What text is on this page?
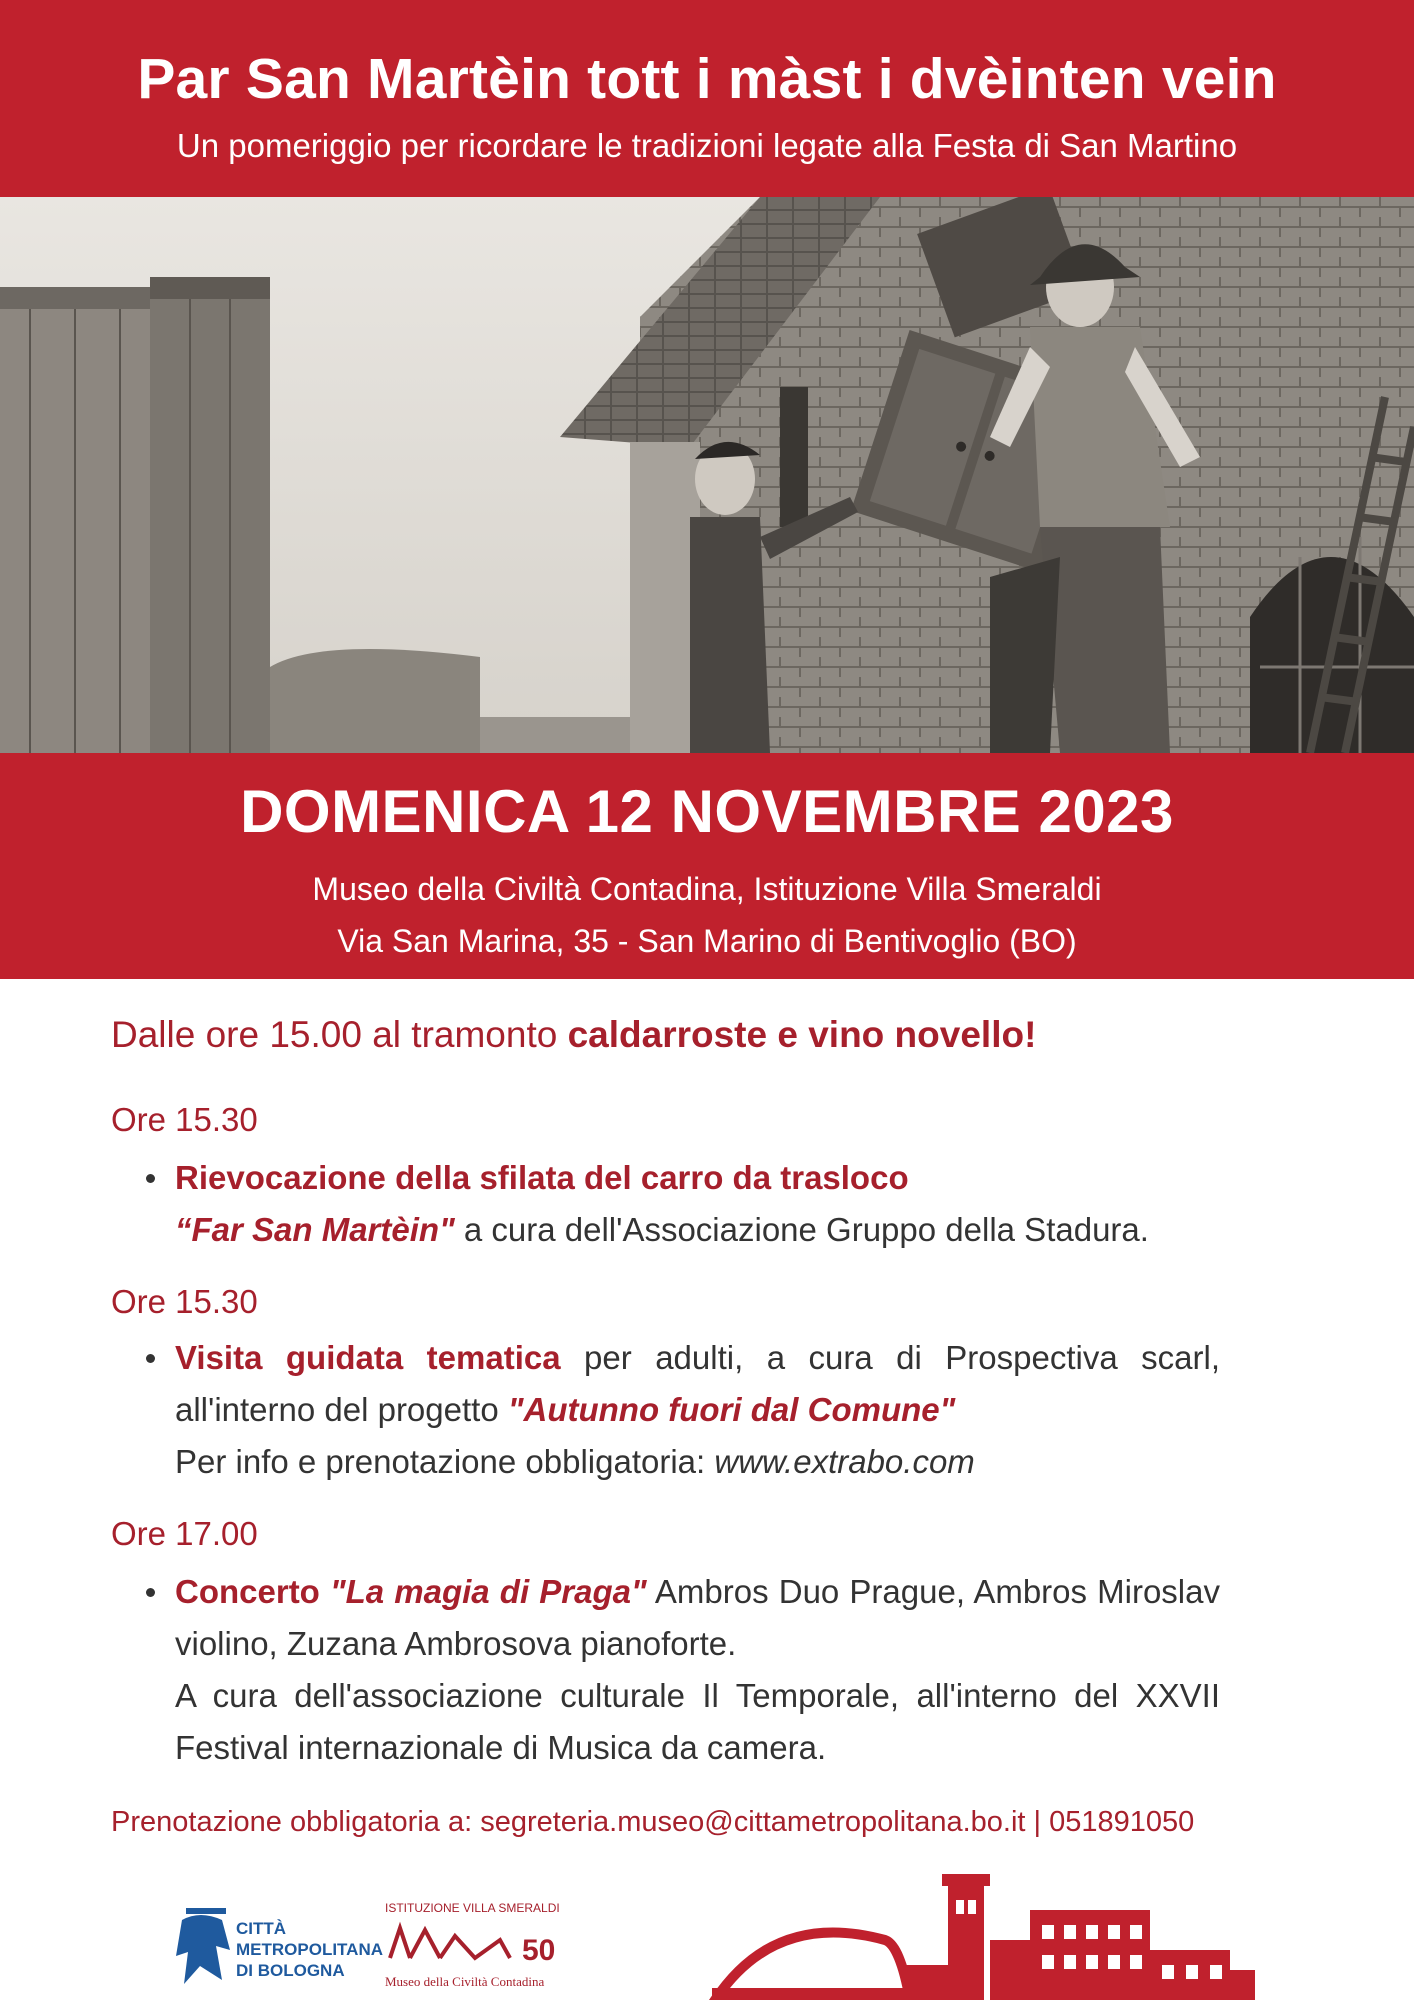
Par San Martèin tott i màst i dvèinten vein

Un pomeriggio per ricordare le tradizioni legate alla Festa di San Martino

DOMENICA 12 NOVEMBRE 2023

Museo della Civiltà Contadina, Istituzione Villa Smeraldi

Via San Marina, 35 - San Marino di Bentivoglio (BO)

Dalle ore 15.00 al tramonto caldarroste e vino novello!

Ore 15.30

Rievocazione della sfilata del carro da trasloco
“Far San Martèin" a cura dell'Associazione Gruppo della Stadura.

Ore 15.30

Visita guidata tematica per adulti, a cura di Prospectiva scarl, all'interno del progetto "Autunno fuori dal Comune"
Per info e prenotazione obbligatoria: www.extrabo.com

Ore 17.00

Concerto "La magia di Praga" Ambros Duo Prague, Ambros Miroslav violino, Zuzana Ambrosova pianoforte.
A cura dell'associazione culturale Il Temporale, all'interno del XXVII Festival internazionale di Musica da camera.
Prenotazione obbligatoria a: segreteria.museo@cittametropolitana.bo.it | 051891050
CITTÀ
METROPOLITANA
DI BOLOGNA
ISTITUZIONE VILLA SMERALDI
50
Museo della Civiltà Contadina
